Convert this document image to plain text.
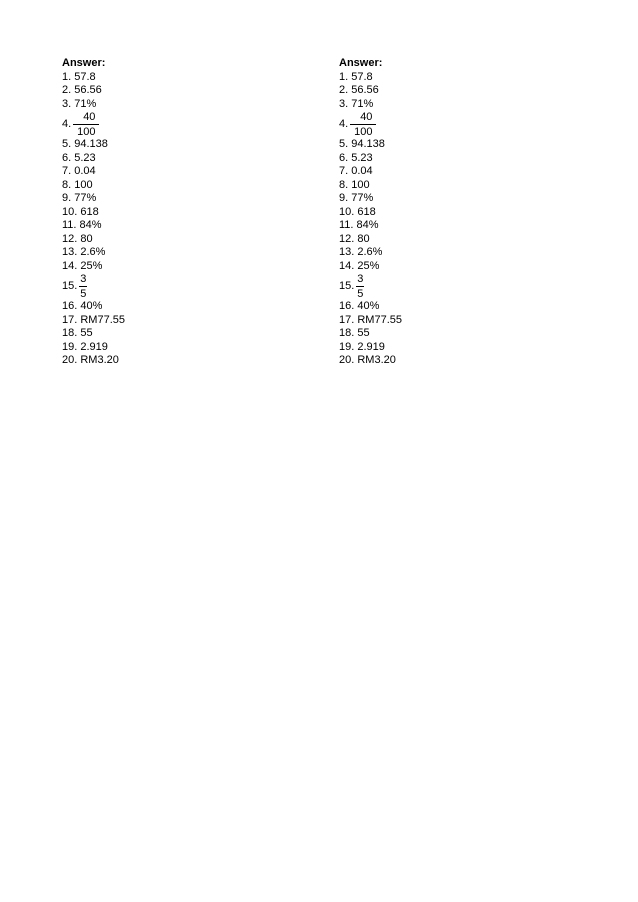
Answer:
1. 57.8
2. 56.56
3. 71%
4. $\frac{40}{100}$
5. 94.138
6. 5.23
7. 0.04
8. 100
9. 77%
10. 618
11. 84%
12. 80
13. 2.6%
14. 25%
15. $\frac{3}{5}$
16. 40%
17. RM77.55
18. 55
19. 2.919
20. RM3.20
Answer:
1. 57.8
2. 56.56
3. 71%
4. $\frac{40}{100}$
5. 94.138
6. 5.23
7. 0.04
8. 100
9. 77%
10. 618
11. 84%
12. 80
13. 2.6%
14. 25%
15. $\frac{3}{5}$
16. 40%
17. RM77.55
18. 55
19. 2.919
20. RM3.20
